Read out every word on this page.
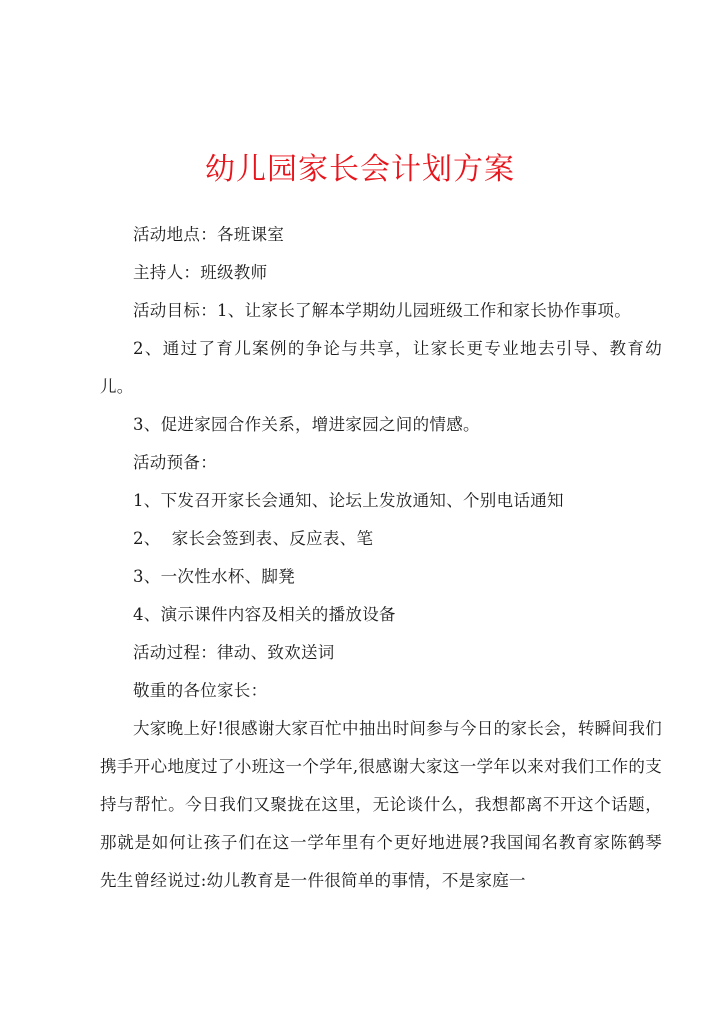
幼儿园家长会计划方案

活动地点：各班课室

主持人：班级教师

活动目标：1、让家长了解本学期幼儿园班级工作和家长协作事项。

2、通过了育儿案例的争论与共享，让家长更专业地去引导、教育幼儿。

3、促进家园合作关系，增进家园之间的情感。

活动预备：

1、下发召开家长会通知、论坛上发放通知、个别电话通知

2、  家长会签到表、反应表、笔

3、一次性水杯、脚凳

4、演示课件内容及相关的播放设备

活动过程：律动、致欢送词

敬重的各位家长：

大家晚上好!很感谢大家百忙中抽出时间参与今日的家长会，转瞬间我们携手开心地度过了小班这一个学年,很感谢大家这一学年以来对我们工作的支持与帮忙。今日我们又聚拢在这里，无论谈什么，我想都离不开这个话题，那就是如何让孩子们在这一学年里有个更好地进展?我国闻名教育家陈鹤琴先生曾经说过:幼儿教育是一件很简单的事情，不是家庭一
